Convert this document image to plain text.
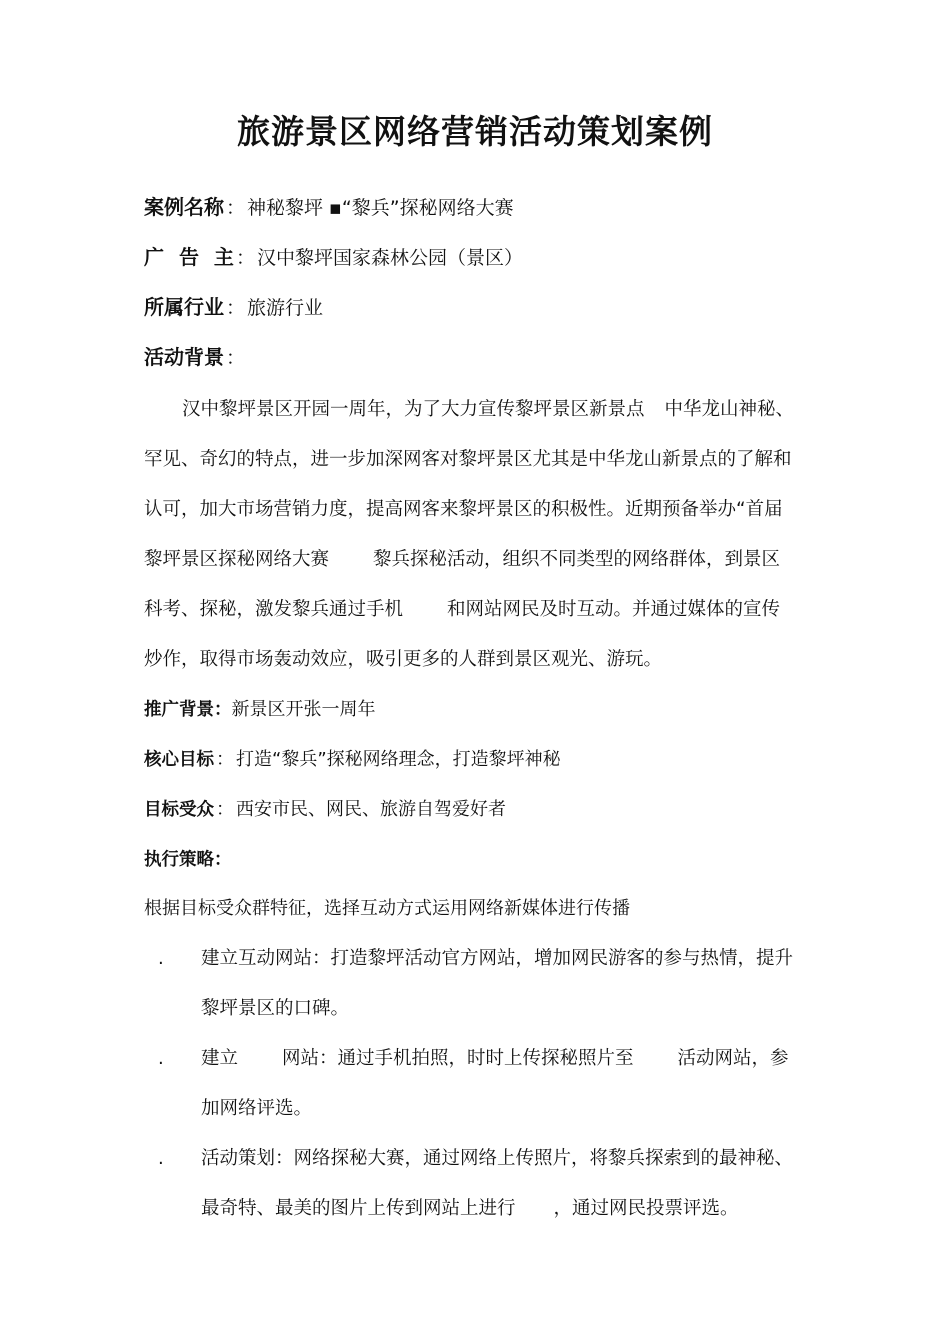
旅游景区网络营销活动策划案例
案例名称 ： 神秘黎坪 ▪“黎兵”探秘网络大赛
广 告 主 ： 汉中黎坪国家森林公园（景区）
所属行业 ： 旅游行业
活动背景 ：
汉中黎坪景区开园一周年，为了大力宣传黎坪景区新景点 中华龙山神秘、
罕见、奇幻的特点，进一步加深网客对黎坪景区尤其是中华龙山新景点的了解和
认可，加大市场营销力度，提高网客来黎坪景区的积极性。近期预备举办“首届
黎坪景区探秘网络大赛 黎兵探秘活动，组织不同类型的网络群体，到景区
科考、探秘，激发黎兵通过手机 和网站网民及时互动。并通过媒体的宣传
炒作，取得市场轰动效应，吸引更多的人群到景区观光、游玩。
推广背景：新景区开张一周年
核心目标 ： 打造“黎兵”探秘网络理念，打造黎坪神秘
目标受众 ： 西安市民、网民、旅游自驾爱好者
执行策略：
根据目标受众群特征，选择互动方式运用网络新媒体进行传播
. 建立互动网站：打造黎坪活动官方网站，增加网民游客的参与热情，提升
黎坪景区的口碑。
. 建立 网站：通过手机拍照，时时上传探秘照片至 活动网站，参
加网络评选。
. 活动策划：网络探秘大赛，通过网络上传照片，将黎兵探索到的最神秘、
最奇特、最美的图片上传到网站上进行 ，通过网民投票评选。
